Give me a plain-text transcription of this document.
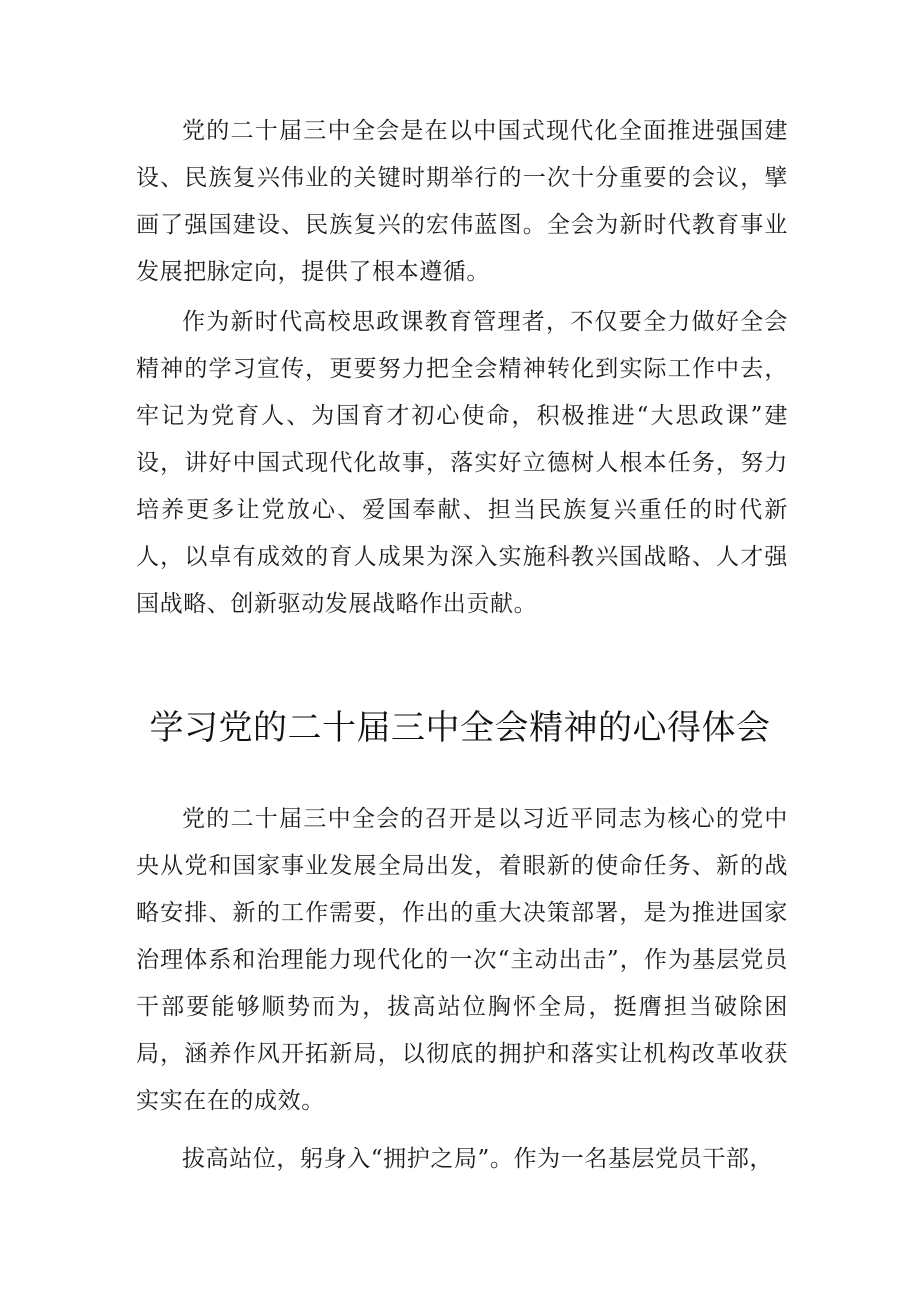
党的二十届三中全会是在以中国式现代化全面推进强国建设、民族复兴伟业的关键时期举行的一次十分重要的会议，擘画了强国建设、民族复兴的宏伟蓝图。全会为新时代教育事业发展把脉定向，提供了根本遵循。

作为新时代高校思政课教育管理者，不仅要全力做好全会精神的学习宣传，更要努力把全会精神转化到实际工作中去，牢记为党育人、为国育才初心使命，积极推进“大思政课”建设，讲好中国式现代化故事，落实好立德树人根本任务，努力培养更多让党放心、爱国奉献、担当民族复兴重任的时代新人，以卓有成效的育人成果为深入实施科教兴国战略、人才强国战略、创新驱动发展战略作出贡献。

学习党的二十届三中全会精神的心得体会

党的二十届三中全会的召开是以习近平同志为核心的党中央从党和国家事业发展全局出发，着眼新的使命任务、新的战略安排、新的工作需要，作出的重大决策部署，是为推进国家治理体系和治理能力现代化的一次“主动出击”，作为基层党员干部要能够顺势而为，拔高站位胸怀全局，挺膺担当破除困局，涵养作风开拓新局，以彻底的拥护和落实让机构改革收获实实在在的成效。

拔高站位，躬身入“拥护之局”。作为一名基层党员干部，
